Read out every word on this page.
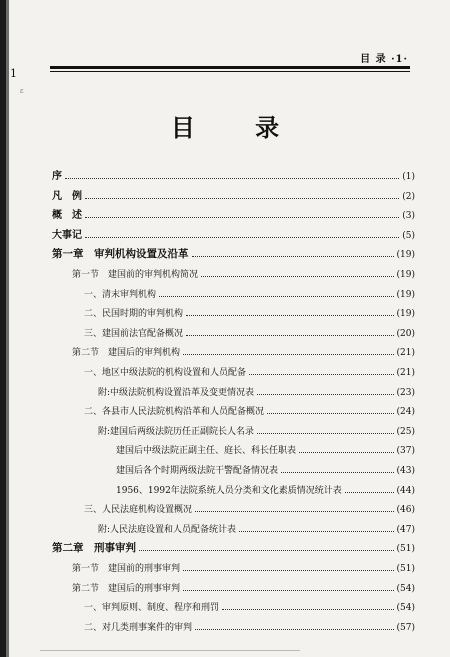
1
ε
目 录 ·1·
目 录
序	(1)
凡　例	(2)
概　述	(3)
大事记	(5)
第一章　审判机构设置及沿革	(19)
第一节　建国前的审判机构简况	(19)
一、清末审判机构	(19)
二、民国时期的审判机构	(19)
三、建国前法官配备概况	(20)
第二节　建国后的审判机构	(21)
一、地区中级法院的机构设置和人员配备	(21)
附:中级法院机构设置沿革及变更情况表	(23)
二、各县市人民法院机构沿革和人员配备概况	(24)
附:建国后两级法院历任正副院长人名录	(25)
建国后中级法院正副主任、庭长、科长任职表	(37)
建国后各个时期两级法院干警配备情况表	(43)
1956、1992年法院系统人员分类和文化素质情况统计表	(44)
三、人民法庭机构设置概况	(46)
附:人民法庭设置和人员配备统计表	(47)
第二章　刑事审判	(51)
第一节　建国前的刑事审判	(51)
第二节　建国后的刑事审判	(54)
一、审判原则、制度、程序和刑罚	(54)
二、对几类刑事案件的审判	(57)
